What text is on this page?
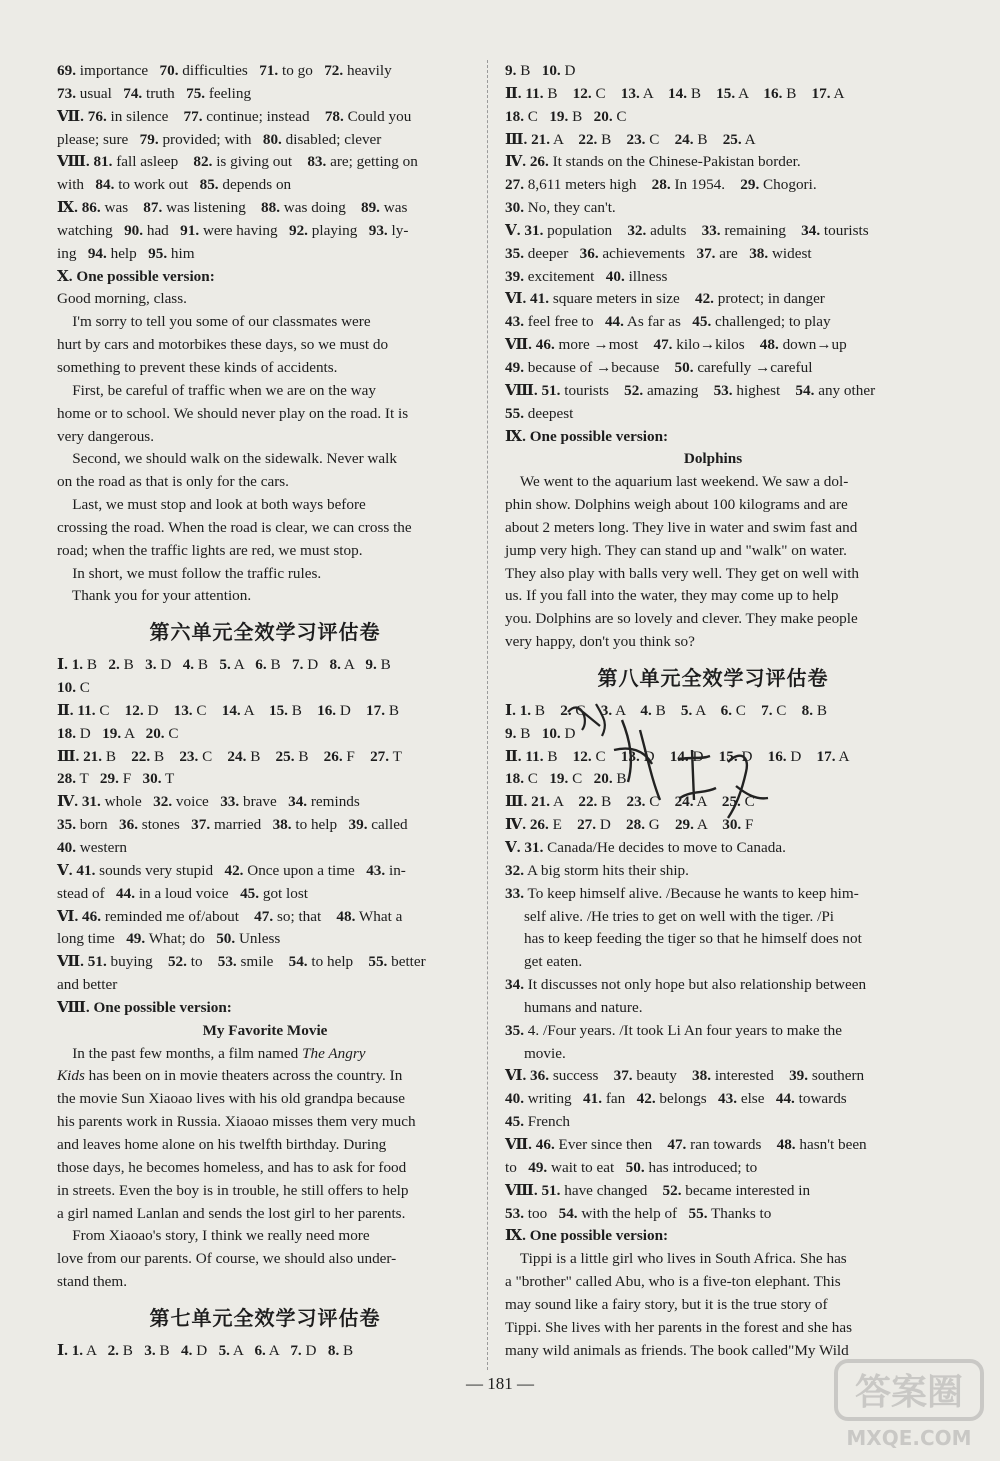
69. importance   70. difficulties   71. to go   72. heavily
73. usual   74. truth   75. feeling
Ⅶ. 76. in silence    77. continue; instead    78. Could you
please; sure   79. provided; with   80. disabled; clever
Ⅷ. 81. fall asleep    82. is giving out    83. are; getting on
with   84. to work out   85. depends on
Ⅸ. 86. was    87. was listening    88. was doing    89. was
watching   90. had   91. were having   92. playing   93. ly-
ing   94. help   95. him
Ⅹ. One possible version:
Good morning, class.
I'm sorry to tell you some of our classmates were
hurt by cars and motorbikes these days, so we must do
something to prevent these kinds of accidents.
First, be careful of traffic when we are on the way
home or to school. We should never play on the road. It is
very dangerous.
Second, we should walk on the sidewalk. Never walk
on the road as that is only for the cars.
Last, we must stop and look at both ways before
crossing the road. When the road is clear, we can cross the
road; when the traffic lights are red, we must stop.
In short, we must follow the traffic rules.
Thank you for your attention.
第六单元全效学习评估卷
Ⅰ. 1. B   2. B   3. D   4. B   5. A   6. B   7. D   8. A   9. B
10. C
Ⅱ. 11. C    12. D    13. C    14. A    15. B    16. D    17. B
18. D   19. A   20. C
Ⅲ. 21. B    22. B    23. C    24. B    25. B    26. F    27. T
28. T   29. F   30. T
Ⅳ. 31. whole   32. voice   33. brave   34. reminds
35. born   36. stones   37. married   38. to help   39. called
40. western
Ⅴ. 41. sounds very stupid   42. Once upon a time   43. in-
stead of   44. in a loud voice   45. got lost
Ⅵ. 46. reminded me of/about    47. so; that    48. What a
long time   49. What; do   50. Unless
Ⅶ. 51. buying    52. to    53. smile    54. to help    55. better
and better
Ⅷ. One possible version:
My Favorite Movie
In the past few months, a film named The Angry
Kids has been on in movie theaters across the country. In
the movie Sun Xiaoao lives with his old grandpa because
his parents work in Russia. Xiaoao misses them very much
and leaves home alone on his twelfth birthday. During
those days, he becomes homeless, and has to ask for food
in streets. Even the boy is in trouble, he still offers to help
a girl named Lanlan and sends the lost girl to her parents.
From Xiaoao's story, I think we really need more
love from our parents. Of course, we should also under-
stand them.
第七单元全效学习评估卷
Ⅰ. 1. A   2. B   3. B   4. D   5. A   6. A   7. D   8. B
9. B   10. D
Ⅱ. 11. B    12. C    13. A    14. B    15. A    16. B    17. A
18. C   19. B   20. C
Ⅲ. 21. A    22. B    23. C    24. B    25. A
Ⅳ. 26. It stands on the Chinese-Pakistan border.
27. 8,611 meters high    28. In 1954.    29. Chogori.
30. No, they can't.
Ⅴ. 31. population    32. adults    33. remaining    34. tourists
35. deeper   36. achievements   37. are   38. widest
39. excitement   40. illness
Ⅵ. 41. square meters in size    42. protect; in danger
43. feel free to   44. As far as   45. challenged; to play
Ⅶ. 46. more →most    47. kilo→kilos    48. down→up
49. because of →because    50. carefully →careful
Ⅷ. 51. tourists    52. amazing    53. highest    54. any other
55. deepest
Ⅸ. One possible version:
Dolphins
We went to the aquarium last weekend. We saw a dol-
phin show. Dolphins weigh about 100 kilograms and are
about 2 meters long. They live in water and swim fast and
jump very high. They can stand up and "walk" on water.
They also play with balls very well. They get on well with
us. If you fall into the water, they may come up to help
you. Dolphins are so lovely and clever. They make people
very happy, don't you think so?
第八单元全效学习评估卷
Ⅰ. 1. B    2. C    3. A    4. B    5. A    6. C    7. C    8. B
9. B   10. D
Ⅱ. 11. B    12. C    13. D    14. D    15. D    16. D    17. A
18. C   19. C   20. B
Ⅲ. 21. A    22. B    23. C    24. A    25. C
Ⅳ. 26. E    27. D    28. G    29. A    30. F
Ⅴ. 31. Canada/He decides to move to Canada.
32. A big storm hits their ship.
33. To keep himself alive. /Because he wants to keep him-
self alive. /He tries to get on well with the tiger. /Pi
has to keep feeding the tiger so that he himself does not
get eaten.
34. It discusses not only hope but also relationship between
humans and nature.
35. 4. /Four years. /It took Li An four years to make the
movie.
Ⅵ. 36. success    37. beauty    38. interested    39. southern
40. writing   41. fan   42. belongs   43. else   44. towards
45. French
Ⅶ. 46. Ever since then    47. ran towards    48. hasn't been
to   49. wait to eat   50. has introduced; to
Ⅷ. 51. have changed    52. became interested in
53. too   54. with the help of   55. Thanks to
Ⅸ. One possible version:
Tippi is a little girl who lives in South Africa. She has
a "brother" called Abu, who is a five-ton elephant. This
may sound like a fairy story, but it is the true story of
Tippi. She lives with her parents in the forest and she has
many wild animals as friends. The book called"My Wild
— 181 —	答案圈
MXQE.COM
